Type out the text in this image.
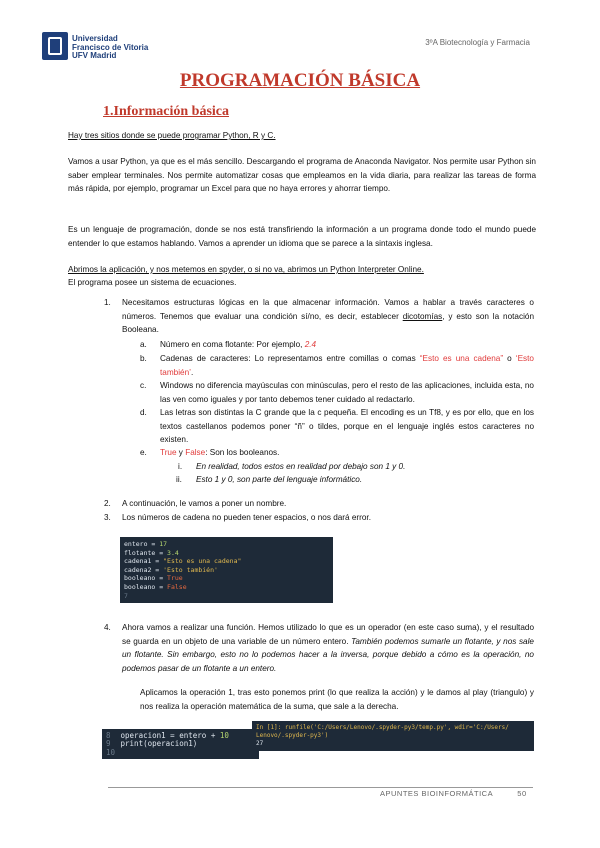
Universidad
Francisco de Vitoria
UFV Madrid
3ºA Biotecnología y Farmacia
PROGRAMACIÓN BÁSICA
1.Información básica
Hay tres sitios donde se puede programar Python, R y C.
Vamos a usar Python, ya que es el más sencillo. Descargando el programa de Anaconda Navigator. Nos permite usar Python sin saber emplear terminales. Nos permite automatizar cosas que empleamos en la vida diaria, para realizar las tareas de forma más rápida, por ejemplo, programar un Excel para que no haya errores y ahorrar tiempo.
Es un lenguaje de programación, donde se nos está transfiriendo la información a un programa donde todo el mundo puede entender lo que estamos hablando. Vamos a aprender un idioma que se parece a la sintaxis inglesa.
Abrimos la aplicación, y nos metemos en spyder, o si no va, abrimos un Python Interpreter Online.
El programa posee un sistema de ecuaciones.
1. Necesitamos estructuras lógicas en la que almacenar información. Vamos a hablar a través caracteres o números. Tenemos que evaluar una condición sí/no, es decir, establecer dicotomías, y esto son la notación Booleana.
a. Número en coma flotante: Por ejemplo, 2.4
b. Cadenas de caracteres: Lo representamos entre comillas o comas “Esto es una cadena” o ‘Esto también’.
c. Windows no diferencia mayúsculas con minúsculas, pero el resto de las aplicaciones, incluida esta, no las ven como iguales y por tanto debemos tener cuidado al redactarlo.
d. Las letras son distintas la C grande que la c pequeña. El encoding es un Tf8, y es por ello, que en los textos castellanos podemos poner “ñ” o tildes, porque en el lenguaje inglés estos caracteres no existen.
e. True y False: Son los booleanos.
i. En realidad, todos estos en realidad por debajo son 1 y 0.
ii. Esto 1 y 0, son parte del lenguaje informático.
2. A continuación, le vamos a poner un nombre.
3. Los números de cadena no pueden tener espacios, o nos dará error.
entero = 17
flotante = 3.4
cadena1 = "Esto es una cadena"
cadena2 = 'Esto también'
booleano = True
booleano = False
7
4. Ahora vamos a realizar una función. Hemos utilizado lo que es un operador (en este caso suma), y el resultado se guarda en un objeto de una variable de un número entero. También podemos sumarle un flotante, y nos sale un flotante. Sin embargo, esto no lo podemos hacer a la inversa, porque debido a cómo es la operación, no podemos pasar de un flotante a un entero.
Aplicamos la operación 1, tras esto ponemos print (lo que realiza la acción) y le damos al play (triangulo) y nos realiza la operación matemática de la suma, que sale a la derecha.
8 operacion1 = entero + 10
9 print(operacion1)
10
In [1]: runfile('C:/Users/Lenovo/.spyder-py3/temp.py', wdir='C:/Users/
Lenovo/.spyder-py3')
27
APUNTES BIOINFORMÁTICA	50
